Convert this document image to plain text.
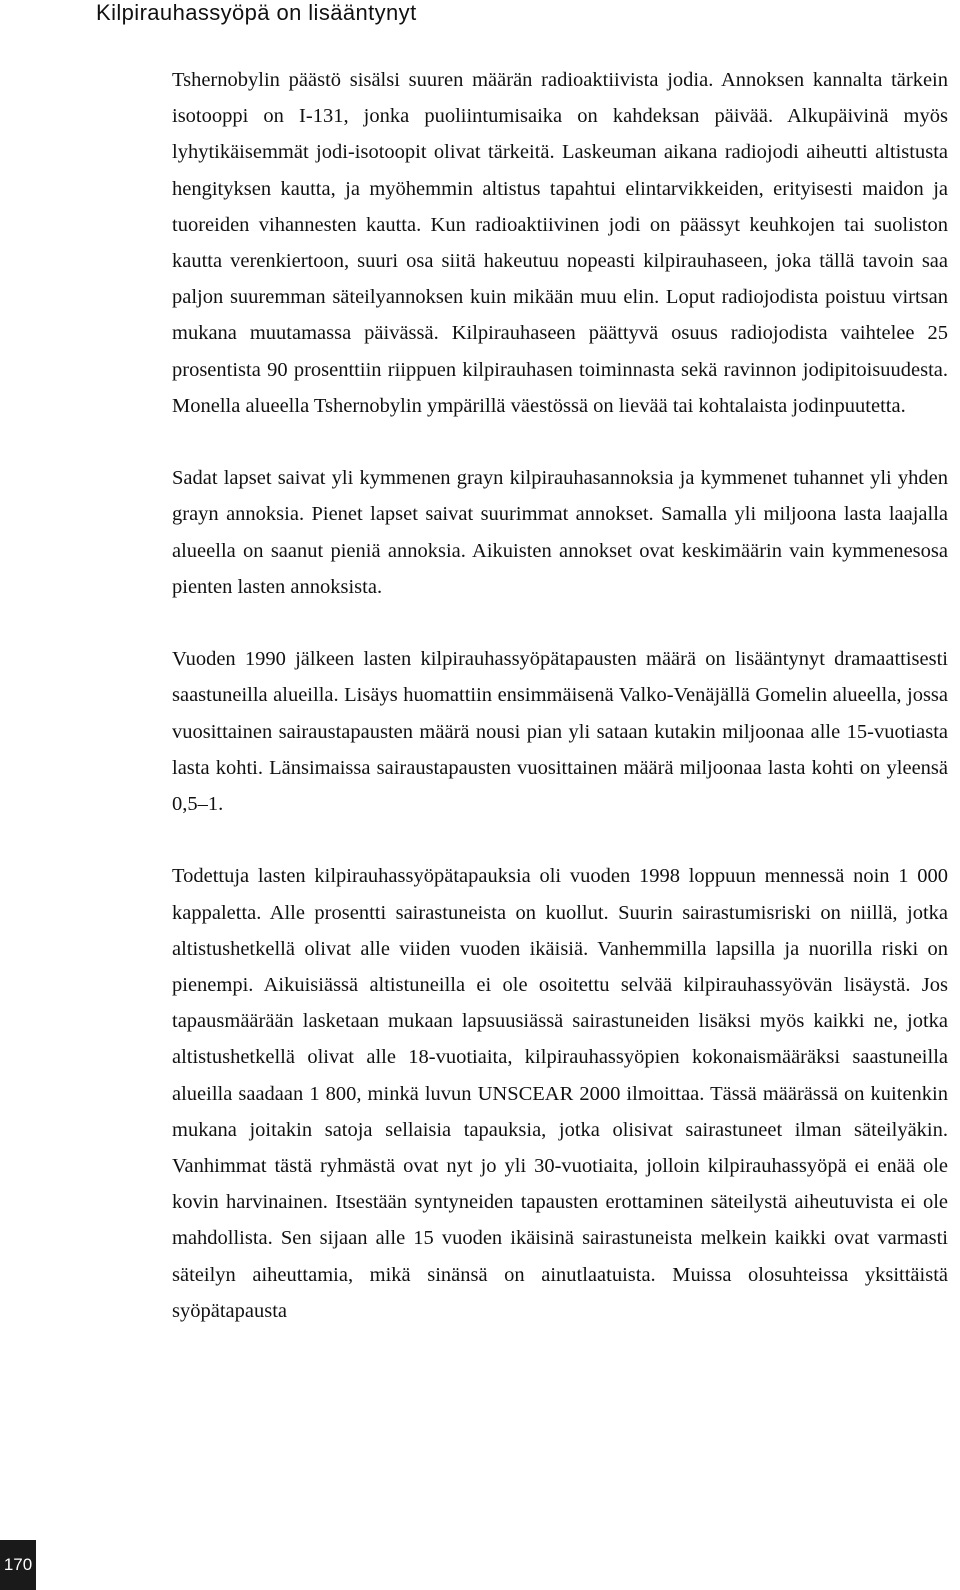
Kilpirauhassyöpä on lisääntynyt

Tshernobylin päästö sisälsi suuren määrän radioaktiivista jodia. Annoksen kannalta tärkein isotooppi on I-131, jonka puoliintumisaika on kahdeksan päivää. Alkupäivinä myös lyhytikäisemmät jodi-isotoopit olivat tärkeitä. Laskeuman aikana radiojodi aiheutti altistusta hengityksen kautta, ja myöhemmin altistus tapahtui elintarvikkeiden, erityisesti maidon ja tuoreiden vihannesten kautta. Kun radioaktiivinen jodi on päässyt keuhkojen tai suoliston kautta verenkiertoon, suuri osa siitä hakeutuu nopeasti kilpirauhaseen, joka tällä tavoin saa paljon suuremman säteilyannoksen kuin mikään muu elin. Loput radiojodista poistuu virtsan mukana muutamassa päivässä. Kilpirauhaseen päättyvä osuus radiojodista vaihtelee 25 prosentista 90 prosenttiin riippuen kilpirauhasen toiminnasta sekä ravinnon jodipitoisuudesta. Monella alueella Tshernobylin ympärillä väestössä on lievää tai kohtalaista jodinpuutetta.

Sadat lapset saivat yli kymmenen grayn kilpirauhasannoksia ja kymmenet tuhannet yli yhden grayn annoksia. Pienet lapset saivat suurimmat annokset. Samalla yli miljoona lasta laajalla alueella on saanut pieniä annoksia. Aikuisten annokset ovat keskimäärin vain kymmenesosa pienten lasten annoksista.

Vuoden 1990 jälkeen lasten kilpirauhassyöpätapausten määrä on lisääntynyt dramaattisesti saastuneilla alueilla. Lisäys huomattiin ensimmäisenä Valko-Venäjällä Gomelin alueella, jossa vuosittainen sairaustapausten määrä nousi pian yli sataan kutakin miljoonaa alle 15-vuotiasta lasta kohti. Länsimaissa sairaustapausten vuosittainen määrä miljoonaa lasta kohti on yleensä 0,5–1.

Todettuja lasten kilpirauhassyöpätapauksia oli vuoden 1998 loppuun mennessä noin 1 000 kappaletta. Alle prosentti sairastuneista on kuollut. Suurin sairastumisriski on niillä, jotka altistushetkellä olivat alle viiden vuoden ikäisiä. Vanhemmilla lapsilla ja nuorilla riski on pienempi. Aikuisiässä altistuneilla ei ole osoitettu selvää kilpirauhassyövän lisäystä. Jos tapausmäärään lasketaan mukaan lapsuusiässä sairastuneiden lisäksi myös kaikki ne, jotka altistushetkellä olivat alle 18-vuotiaita, kilpirauhassyöpien kokonaismääräksi saastuneilla alueilla saadaan 1 800, minkä luvun UNSCEAR 2000 ilmoittaa. Tässä määrässä on kuitenkin mukana joitakin satoja sellaisia tapauksia, jotka olisivat sairastuneet ilman säteilyäkin. Vanhimmat tästä ryhmästä ovat nyt jo yli 30-vuotiaita, jolloin kilpirauhassyöpä ei enää ole kovin harvinainen. Itsestään syntyneiden tapausten erottaminen säteilystä aiheutuvista ei ole mahdollista. Sen sijaan alle 15 vuoden ikäisinä sairastuneista melkein kaikki ovat varmasti säteilyn aiheuttamia, mikä sinänsä on ainutlaatuista. Muissa olosuhteissa yksittäistä syöpätapausta

170
